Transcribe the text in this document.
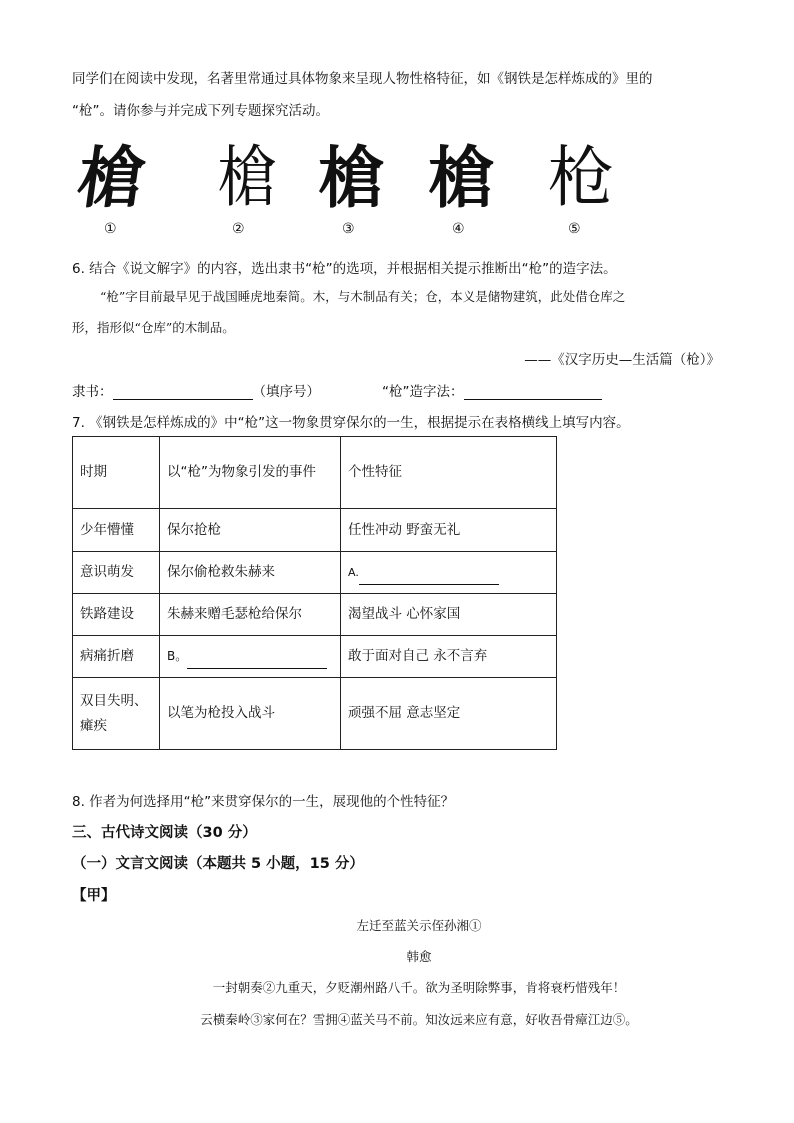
同学们在阅读中发现，名著里常通过具体物象来呈现人物性格特征，如《钢铁是怎样炼成的》里的
“枪”。请你参与并完成下列专题探究活动。
槍 槍 槍 槍 枪
①	②	③	④	⑤
6. 结合《说文解字》的内容，选出隶书“枪”的选项，并根据相关提示推断出“枪”的造字法。
“枪”字目前最早见于战国睡虎地秦简。木，与木制品有关；仓，本义是储物建筑，此处借仓库之
形，指形似“仓库”的木制品。
——《汉字历史—生活篇（枪）》
隶书：	（填序号）	“枪”造字法：
7. 《钢铁是怎样炼成的》中“枪”这一物象贯穿保尔的一生，根据提示在表格横线上填写内容。
时期	以“枪”为物象引发的事件	个性特征
少年懵懂	保尔抢枪	任性冲动 野蛮无礼
意识萌发	保尔偷枪救朱赫来	A.
铁路建设	朱赫来赠毛瑟枪给保尔	渴望战斗 心怀家国
病痛折磨	B。	敢于面对自己 永不言弃
双目失明、瘫疾	以笔为枪投入战斗	顽强不屈 意志坚定
8. 作者为何选择用“枪”来贯穿保尔的一生，展现他的个性特征？
三、古代诗文阅读（30 分）
（一）文言文阅读（本题共 5 小题，15 分）
【甲】
左迁至蓝关示侄孙湘①
韩愈
一封朝奏②九重天，夕贬潮州路八千。欲为圣明除弊事，肯将衰朽惜残年！
云横秦岭③家何在？雪拥④蓝关马不前。知汝远来应有意，好收吾骨瘴江边⑤。
